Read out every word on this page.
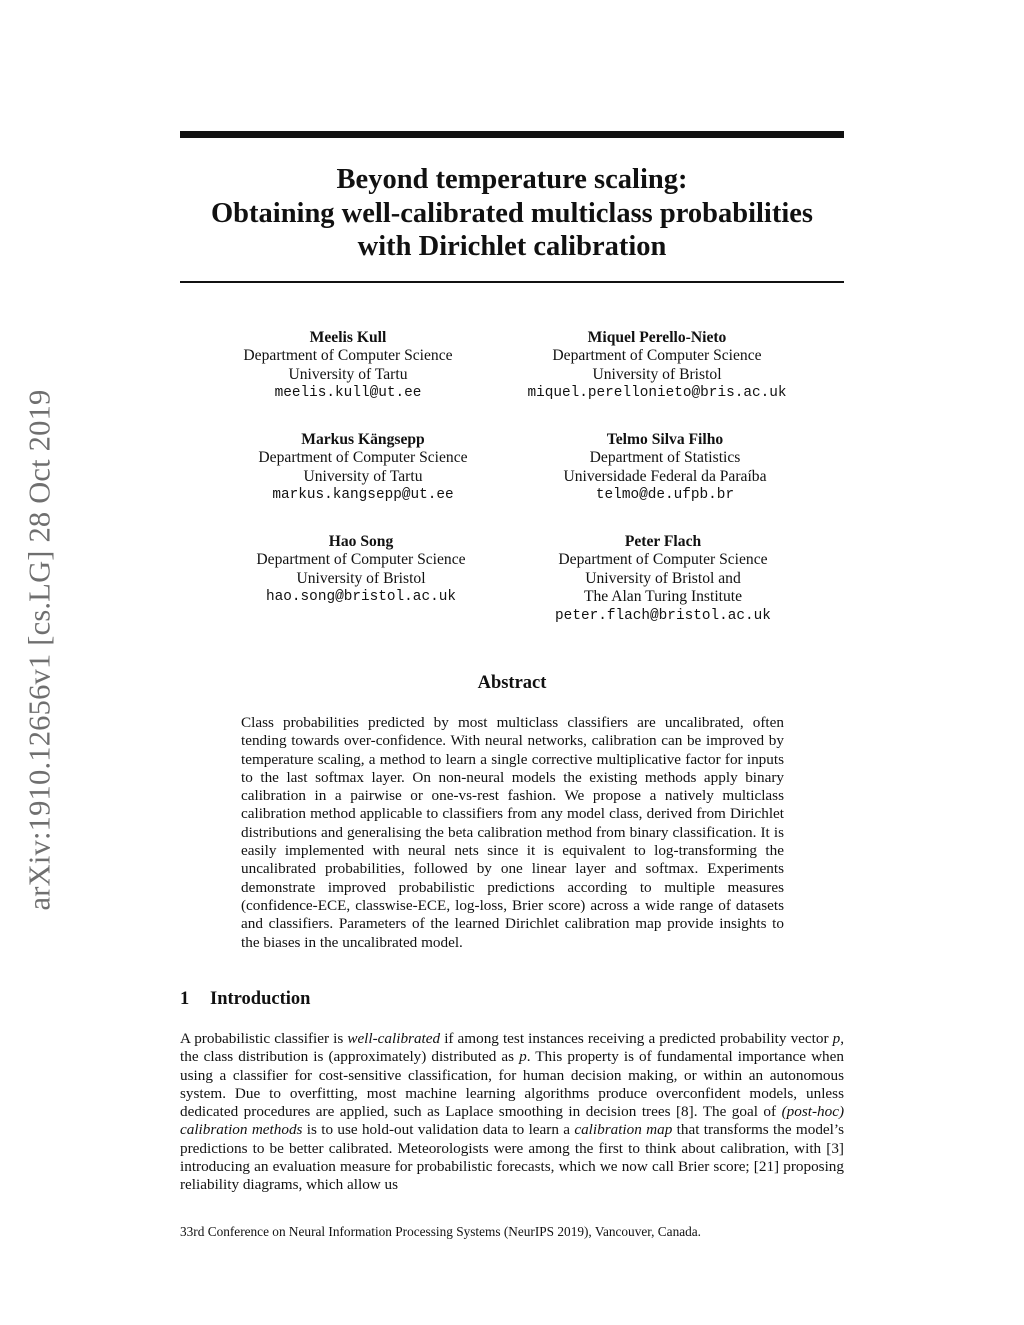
arXiv:1910.12656v1 [cs.LG] 28 Oct 2019
Beyond temperature scaling:
Obtaining well-calibrated multiclass probabilities
with Dirichlet calibration
Meelis Kull
Department of Computer Science
University of Tartu
meelis.kull@ut.ee
Miquel Perello-Nieto
Department of Computer Science
University of Bristol
miquel.perellonieto@bris.ac.uk
Markus Kängsepp
Department of Computer Science
University of Tartu
markus.kangsepp@ut.ee
Telmo Silva Filho
Department of Statistics
Universidade Federal da Paraíba
telmo@de.ufpb.br
Hao Song
Department of Computer Science
University of Bristol
hao.song@bristol.ac.uk
Peter Flach
Department of Computer Science
University of Bristol and
The Alan Turing Institute
peter.flach@bristol.ac.uk
Abstract
Class probabilities predicted by most multiclass classifiers are uncalibrated, often tending towards over-confidence. With neural networks, calibration can be improved by temperature scaling, a method to learn a single corrective multiplicative factor for inputs to the last softmax layer. On non-neural models the existing methods apply binary calibration in a pairwise or one-vs-rest fashion. We propose a natively multiclass calibration method applicable to classifiers from any model class, derived from Dirichlet distributions and generalising the beta calibration method from binary classification. It is easily implemented with neural nets since it is equivalent to log-transforming the uncalibrated probabilities, followed by one linear layer and softmax. Experiments demonstrate improved probabilistic predictions according to multiple measures (confidence-ECE, classwise-ECE, log-loss, Brier score) across a wide range of datasets and classifiers. Parameters of the learned Dirichlet calibration map provide insights to the biases in the uncalibrated model.
1 Introduction
A probabilistic classifier is well-calibrated if among test instances receiving a predicted probability vector p, the class distribution is (approximately) distributed as p. This property is of fundamental importance when using a classifier for cost-sensitive classification, for human decision making, or within an autonomous system. Due to overfitting, most machine learning algorithms produce overconfident models, unless dedicated procedures are applied, such as Laplace smoothing in decision trees [8]. The goal of (post-hoc) calibration methods is to use hold-out validation data to learn a calibration map that transforms the model’s predictions to be better calibrated. Meteorologists were among the first to think about calibration, with [3] introducing an evaluation measure for probabilistic forecasts, which we now call Brier score; [21] proposing reliability diagrams, which allow us
33rd Conference on Neural Information Processing Systems (NeurIPS 2019), Vancouver, Canada.
